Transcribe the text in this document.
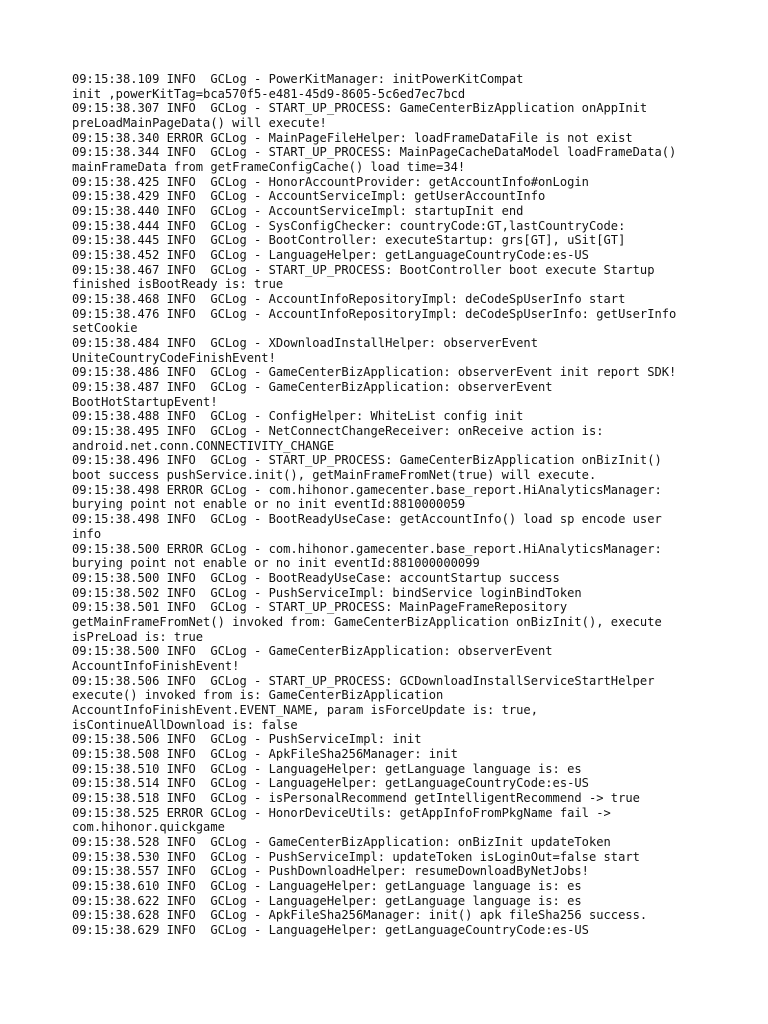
09:15:38.109 INFO  GCLog - PowerKitManager: initPowerKitCompat
init ,powerKitTag=bca570f5-e481-45d9-8605-5c6ed7ec7bcd
09:15:38.307 INFO  GCLog - START_UP_PROCESS: GameCenterBizApplication onAppInit
preLoadMainPageData() will execute!
09:15:38.340 ERROR GCLog - MainPageFileHelper: loadFrameDataFile is not exist
09:15:38.344 INFO  GCLog - START_UP_PROCESS: MainPageCacheDataModel loadFrameData()
mainFrameData from getFrameConfigCache() load time=34!
09:15:38.425 INFO  GCLog - HonorAccountProvider: getAccountInfo#onLogin
09:15:38.429 INFO  GCLog - AccountServiceImpl: getUserAccountInfo
09:15:38.440 INFO  GCLog - AccountServiceImpl: startupInit end
09:15:38.444 INFO  GCLog - SysConfigChecker: countryCode:GT,lastCountryCode:
09:15:38.445 INFO  GCLog - BootController: executeStartup: grs[GT], uSit[GT]
09:15:38.452 INFO  GCLog - LanguageHelper: getLanguageCountryCode:es-US
09:15:38.467 INFO  GCLog - START_UP_PROCESS: BootController boot execute Startup
finished isBootReady is: true
09:15:38.468 INFO  GCLog - AccountInfoRepositoryImpl: deCodeSpUserInfo start
09:15:38.476 INFO  GCLog - AccountInfoRepositoryImpl: deCodeSpUserInfo: getUserInfo
setCookie
09:15:38.484 INFO  GCLog - XDownloadInstallHelper: observerEvent
UniteCountryCodeFinishEvent!
09:15:38.486 INFO  GCLog - GameCenterBizApplication: observerEvent init report SDK!
09:15:38.487 INFO  GCLog - GameCenterBizApplication: observerEvent
BootHotStartupEvent!
09:15:38.488 INFO  GCLog - ConfigHelper: WhiteList config init
09:15:38.495 INFO  GCLog - NetConnectChangeReceiver: onReceive action is:
android.net.conn.CONNECTIVITY_CHANGE
09:15:38.496 INFO  GCLog - START_UP_PROCESS: GameCenterBizApplication onBizInit()
boot success pushService.init(), getMainFrameFromNet(true) will execute.
09:15:38.498 ERROR GCLog - com.hihonor.gamecenter.base_report.HiAnalyticsManager:
burying point not enable or no init eventId:8810000059
09:15:38.498 INFO  GCLog - BootReadyUseCase: getAccountInfo() load sp encode user
info
09:15:38.500 ERROR GCLog - com.hihonor.gamecenter.base_report.HiAnalyticsManager:
burying point not enable or no init eventId:881000000099
09:15:38.500 INFO  GCLog - BootReadyUseCase: accountStartup success
09:15:38.502 INFO  GCLog - PushServiceImpl: bindService loginBindToken
09:15:38.501 INFO  GCLog - START_UP_PROCESS: MainPageFrameRepository
getMainFrameFromNet() invoked from: GameCenterBizApplication onBizInit(), execute
isPreLoad is: true
09:15:38.500 INFO  GCLog - GameCenterBizApplication: observerEvent
AccountInfoFinishEvent!
09:15:38.506 INFO  GCLog - START_UP_PROCESS: GCDownloadInstallServiceStartHelper
execute() invoked from is: GameCenterBizApplication
AccountInfoFinishEvent.EVENT_NAME, param isForceUpdate is: true,
isContinueAllDownload is: false
09:15:38.506 INFO  GCLog - PushServiceImpl: init
09:15:38.508 INFO  GCLog - ApkFileSha256Manager: init
09:15:38.510 INFO  GCLog - LanguageHelper: getLanguage language is: es
09:15:38.514 INFO  GCLog - LanguageHelper: getLanguageCountryCode:es-US
09:15:38.518 INFO  GCLog - isPersonalRecommend getIntelligentRecommend -> true
09:15:38.525 ERROR GCLog - HonorDeviceUtils: getAppInfoFromPkgName fail ->
com.hihonor.quickgame
09:15:38.528 INFO  GCLog - GameCenterBizApplication: onBizInit updateToken
09:15:38.530 INFO  GCLog - PushServiceImpl: updateToken isLoginOut=false start
09:15:38.557 INFO  GCLog - PushDownloadHelper: resumeDownloadByNetJobs!
09:15:38.610 INFO  GCLog - LanguageHelper: getLanguage language is: es
09:15:38.622 INFO  GCLog - LanguageHelper: getLanguage language is: es
09:15:38.628 INFO  GCLog - ApkFileSha256Manager: init() apk fileSha256 success.
09:15:38.629 INFO  GCLog - LanguageHelper: getLanguageCountryCode:es-US
